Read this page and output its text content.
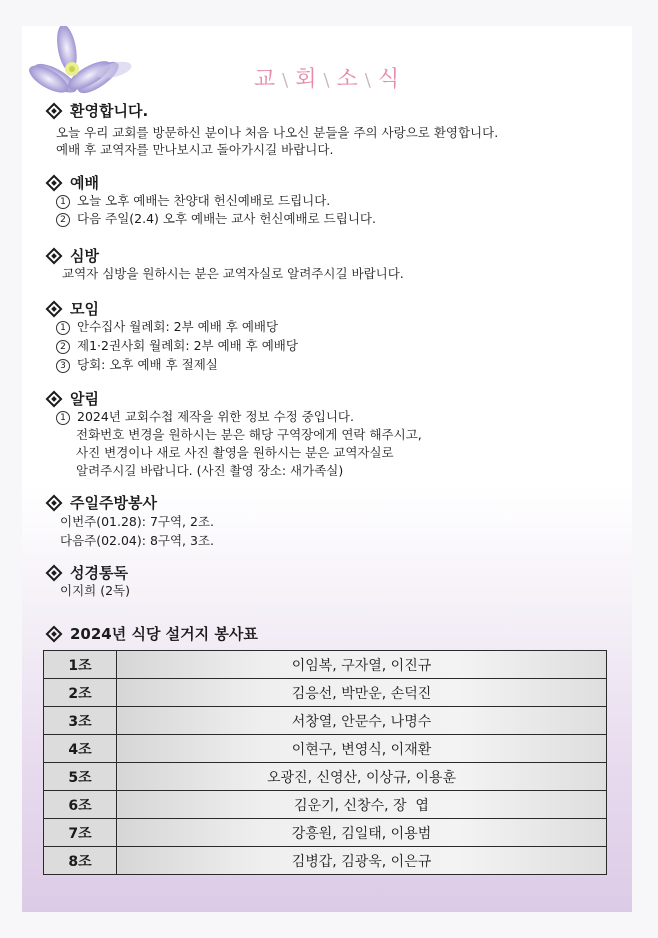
교 \ 회 \ 소 \ 식
환영합니다.
오늘 우리 교회를 방문하신 분이나 처음 나오신 분들을 주의 사랑으로 환영합니다.
예배 후 교역자를 만나보시고 돌아가시길 바랍니다.
예배
1 오늘 오후 예배는 찬양대 헌신예배로 드립니다.
2 다음 주일(2.4) 오후 예배는 교사 헌신예배로 드립니다.
심방
교역자 심방을 원하시는 분은 교역자실로 알려주시길 바랍니다.
모임
1 안수집사 월례회: 2부 예배 후 예배당
2 제1·2권사회 월례회: 2부 예배 후 예배당
3 당회: 오후 예배 후 절제실
알림
1 2024년 교회수첩 제작을 위한 정보 수정 중입니다.
전화번호 변경을 원하시는 분은 해당 구역장에게 연락 해주시고,
사진 변경이나 새로 사진 촬영을 원하시는 분은 교역자실로
알려주시길 바랍니다. (사진 촬영 장소: 새가족실)
주일주방봉사
이번주(01.28): 7구역, 2조.
다음주(02.04): 8구역, 3조.
성경통독
이지희 (2독)
2024년 식당 설거지 봉사표
1조	이임복, 구자열, 이진규
2조	김응선, 박만운, 손덕진
3조	서창열, 안문수, 나명수
4조	이현구, 변영식, 이재환
5조	오광진, 신영산, 이상규, 이용훈
6조	김운기, 신창수, 장  엽
7조	강흥원, 김일태, 이용범
8조	김병갑, 김광욱, 이은규
